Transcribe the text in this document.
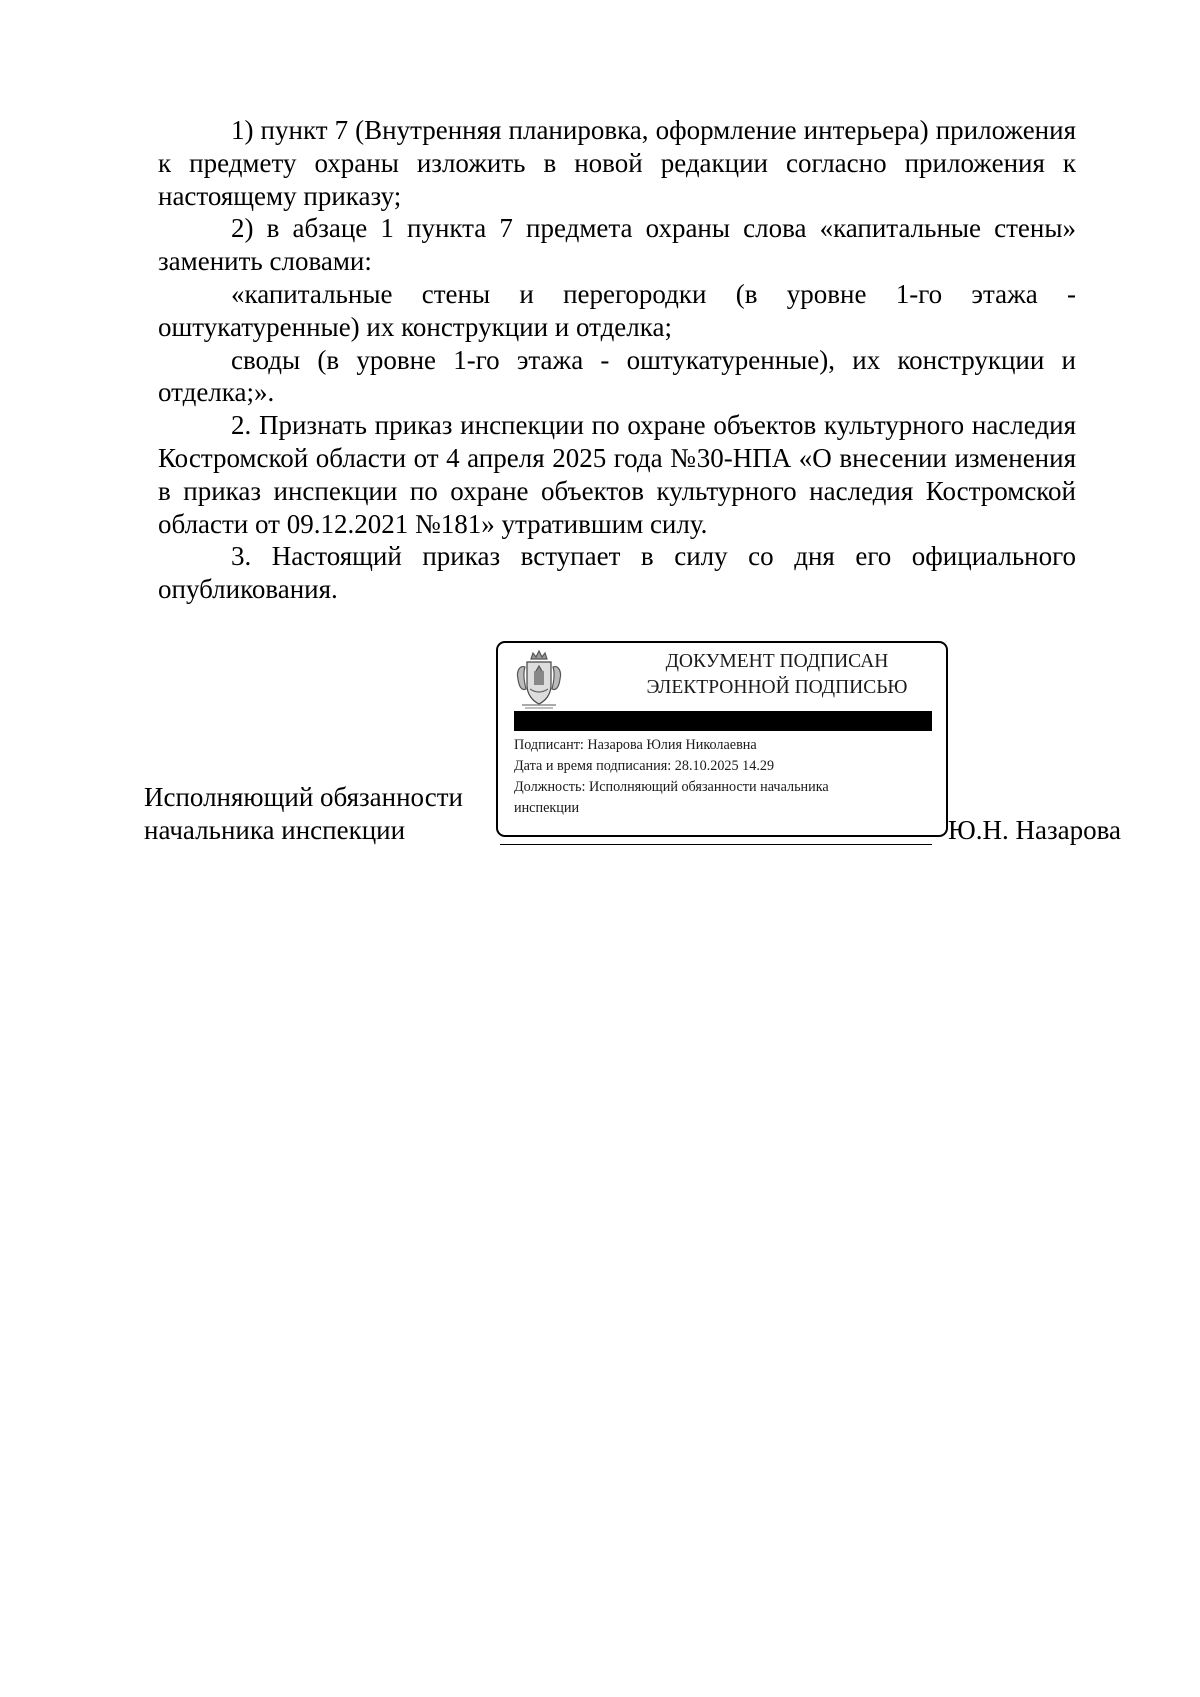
1) пункт 7 (Внутренняя планировка, оформление интерьера) приложения к предмету охраны изложить в новой редакции согласно приложения к настоящему приказу;

2) в абзаце 1 пункта 7 предмета охраны слова «капитальные стены» заменить словами:

«капитальные стены и перегородки (в уровне 1-го этажа - оштукатуренные) их конструкции и отделка;

своды (в уровне 1-го этажа - оштукатуренные), их конструкции и отделка;».

2. Признать приказ инспекции по охране объектов культурного наследия Костромской области от 4 апреля 2025 года №30-НПА «О внесении изменения в приказ инспекции по охране объектов культурного наследия Костромской области от 09.12.2021 №181» утратившим силу.

3. Настоящий приказ вступает в силу со дня его официального опубликования.

Исполняющий обязанности
начальника инспекции	Ю.Н. Назарова
ДОКУМЕНТ ПОДПИСАН
ЭЛЕКТРОННОЙ ПОДПИСЬЮ
Подписант: Назарова Юлия Николаевна
Дата и время подписания: 28.10.2025 14.29
Должность: Исполняющий обязанности начальника
инспекции
